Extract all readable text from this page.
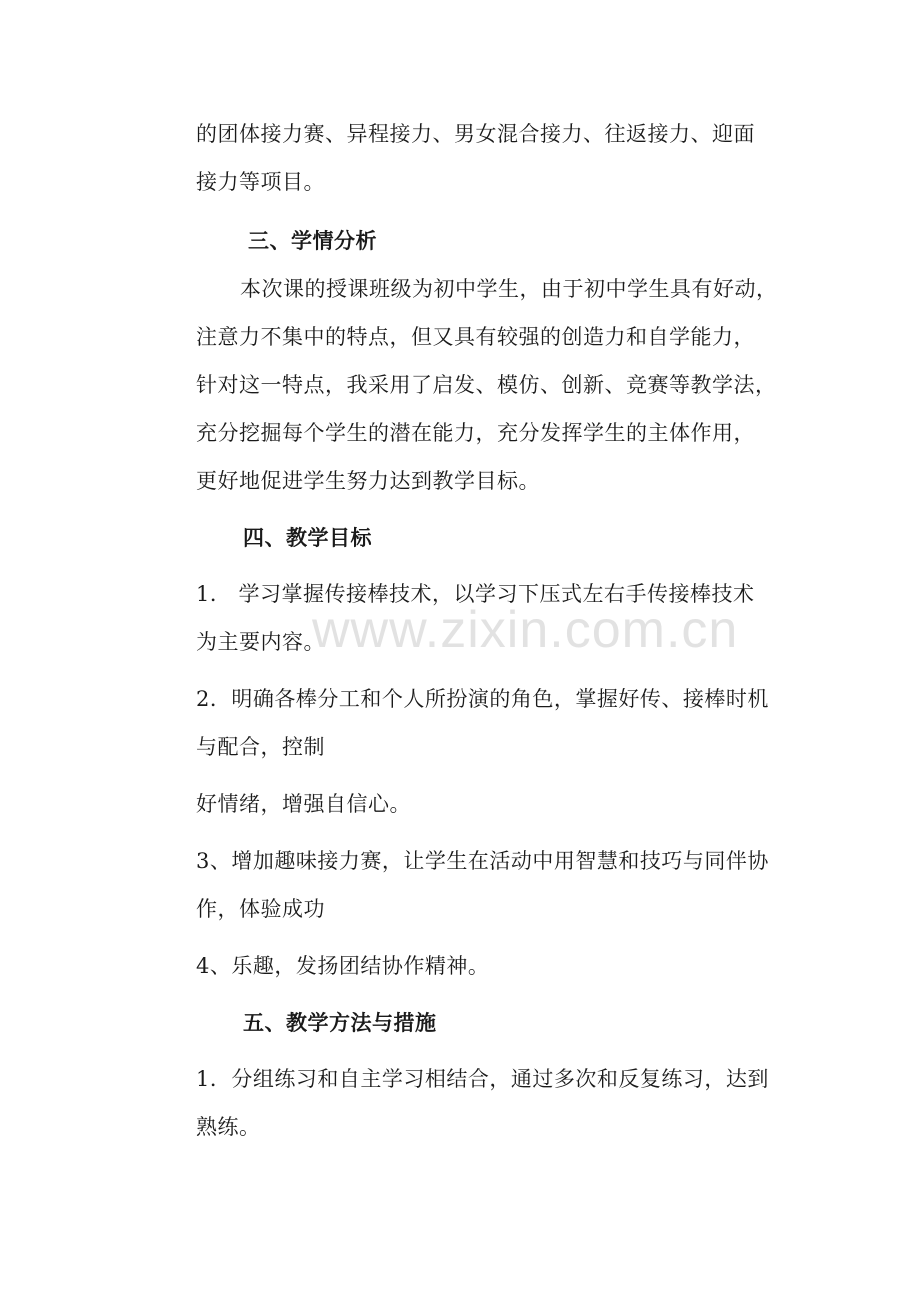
的团体接力赛、异程接力、男女混合接力、往返接力、迎面
接力等项目。
三、学情分析
本次课的授课班级为初中学生，由于初中学生具有好动，
注意力不集中的特点，但又具有较强的创造力和自学能力，
针对这一特点，我采用了启发、模仿、创新、竞赛等教学法，
充分挖掘每个学生的潜在能力，充分发挥学生的主体作用，
更好地促进学生努力达到教学目标。
四、教学目标
1． 学习掌握传接棒技术，以学习下压式左右手传接棒技术
为主要内容。
2．明确各棒分工和个人所扮演的角色，掌握好传、接棒时机
与配合，控制
好情绪，增强自信心。
3、增加趣味接力赛，让学生在活动中用智慧和技巧与同伴协
作，体验成功
4、乐趣，发扬团结协作精神。
五、教学方法与措施
1．分组练习和自主学习相结合，通过多次和反复练习，达到
熟练。
www.zixin.com.cn
